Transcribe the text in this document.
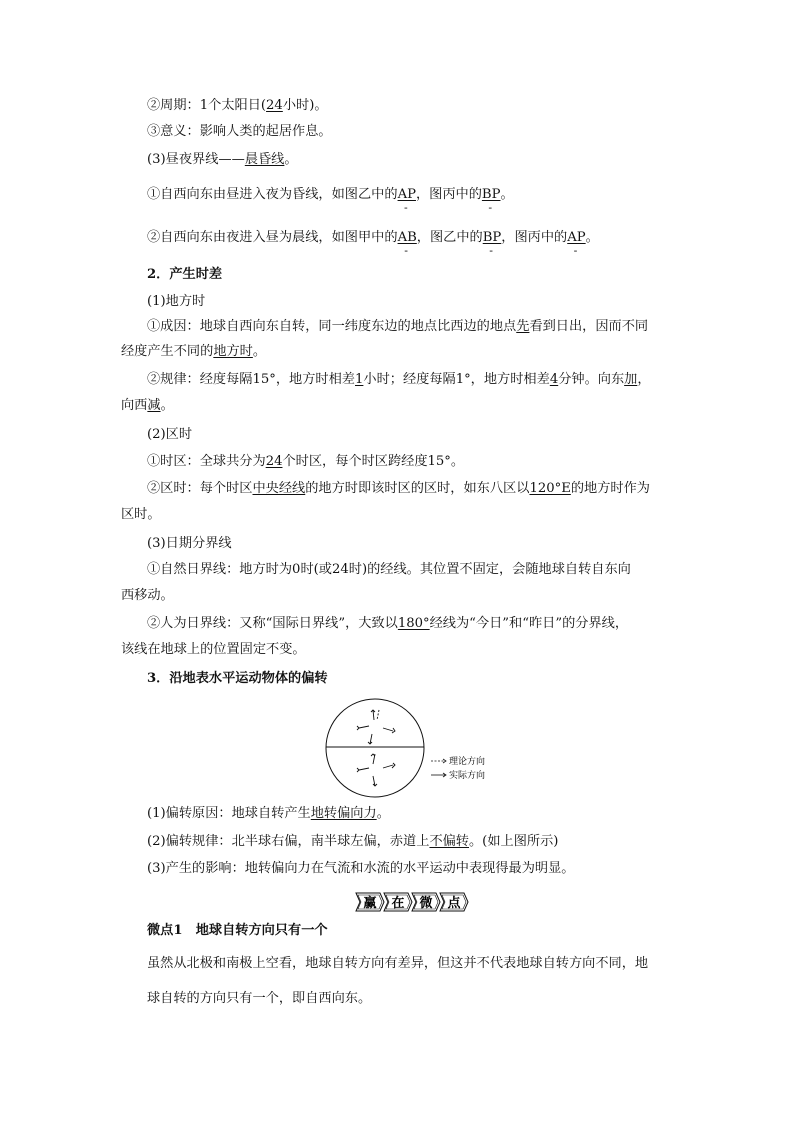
②周期：1个太阳日(24小时)。
③意义：影响人类的起居作息。
(3)昼夜界线——晨昏线。
①自西向东由昼进入夜为昏线，如图乙中的AP -，图丙中的BP -。
②自西向东由夜进入昼为晨线，如图甲中的AB -，图乙中的BP -，图丙中的AP -。
2．产生时差
(1)地方时
①成因：地球自西向东自转，同一纬度东边的地点比西边的地点先看到日出，因而不同
经度产生不同的地方时。
②规律：经度每隔15°，地方时相差1小时；经度每隔1°，地方时相差4分钟。向东加，
向西减。
(2)区时
①时区：全球共分为24个时区，每个时区跨经度15°。
②区时：每个时区中央经线的地方时即该时区的区时，如东八区以120°E的地方时作为
区时。
(3)日期分界线
①自然日界线：地方时为0时(或24时)的经线。其位置不固定，会随地球自转自东向
西移动。
②人为日界线：又称“国际日界线”，大致以180°经线为“今日”和“昨日”的分界线，
该线在地球上的位置固定不变。
3．沿地表水平运动物体的偏转
(1)偏转原因：地球自转产生地转偏向力。
(2)偏转规律：北半球右偏，南半球左偏，赤道上不偏转。(如上图所示)
(3)产生的影响：地转偏向力在气流和水流的水平运动中表现得最为明显。
微点1　地球自转方向只有一个
虽然从北极和南极上空看，地球自转方向有差异，但这并不代表地球自转方向不同，地
球自转的方向只有一个，即自西向东。
理论方向
实际方向
赢 在 微 点
